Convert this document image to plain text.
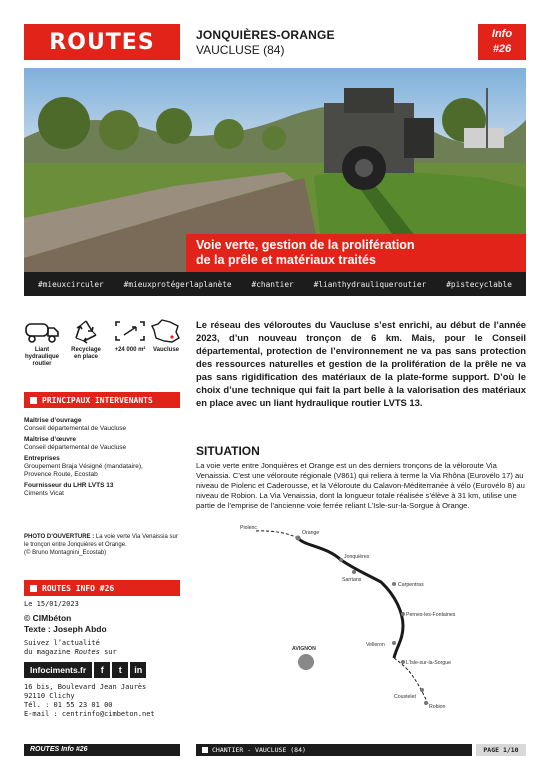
ROUTES	JONQUIÈRES-ORANGE
VAUCLUSE (84)
Info
#26
Voie verte, gestion de la prolifération
de la prêle et matériaux traités
#mieuxcirculer	#mieuxprotégerlaplanète	#chantier	#lianthydrauliqueroutier	#pistecyclable
Liant hydraulique routier
Recyclage en place
+24 000 m²	Vaucluse
Le réseau des véloroutes du Vaucluse s’est enrichi, au début de l’année 2023, d’un nouveau tronçon de 6 km. Mais, pour le Conseil départemental, protection de l’environnement ne va pas sans protection des ressources naturelles et gestion de la prolifération de la prêle ne va pas sans rigidification des matériaux de la plate-forme support. D’où le choix d’une technique qui fait la part belle à la valorisation des matériaux en place avec un liant hydraulique routier LVTS 13.
PRINCIPAUX INTERVENANTS
Maîtrise d’ouvrage
Conseil départemental de Vaucluse
Maîtrise d’œuvre
Conseil départemental de Vaucluse
Entreprises
Groupement Braja Vésigné (mandataire),
Provence Route, Ecostab
Fournisseur du LHR LVTS 13
Ciments Vicat
PHOTO D’OUVERTURE : La voie verte Via Venaissia sur le tronçon entre Jonquières et Orange.
(© Bruno Montagnini_Ecostab)
ROUTES INFO #26
Le 15/01/2023
© CIMbéton
Texte : Joseph Abdo
Suivez l’actualité
du magazine Routes sur
Infociments.fr	f	t	in
16 bis, Boulevard Jean Jaurès
92110 Clichy
Tél. : 01 55 23 01 00
E-mail : centrinfo@cimbeton.net
SITUATION
La voie verte entre Jonquières et Orange est un des derniers tronçons de la véloroute Via Venaissia. C’est une véloroute régionale (V861) qui reliera à terme la Via Rhôna (Eurovélo 17) au niveau de Piolenc et Caderousse, et la Véloroute du Calavon-Méditerranée à vélo (Eurovélo 8) au niveau de Robion. La Via Venaissia, dont la longueur totale réalisée s’élève à 31 km, utilise une partie de l’emprise de l’ancienne voie ferrée reliant L’Isle-sur-la-Sorgue à Orange.
Piolenc
Orange
Jonquières
Sarrians
Carpentras
Pernes-les-Fontaines
Velleron
L’Isle-sur-la-Sorgue
Coustelet
Robion
AVIGNON
ROUTES Info #26	CHANTIER - VAUCLUSE (84)	PAGE 1/10
